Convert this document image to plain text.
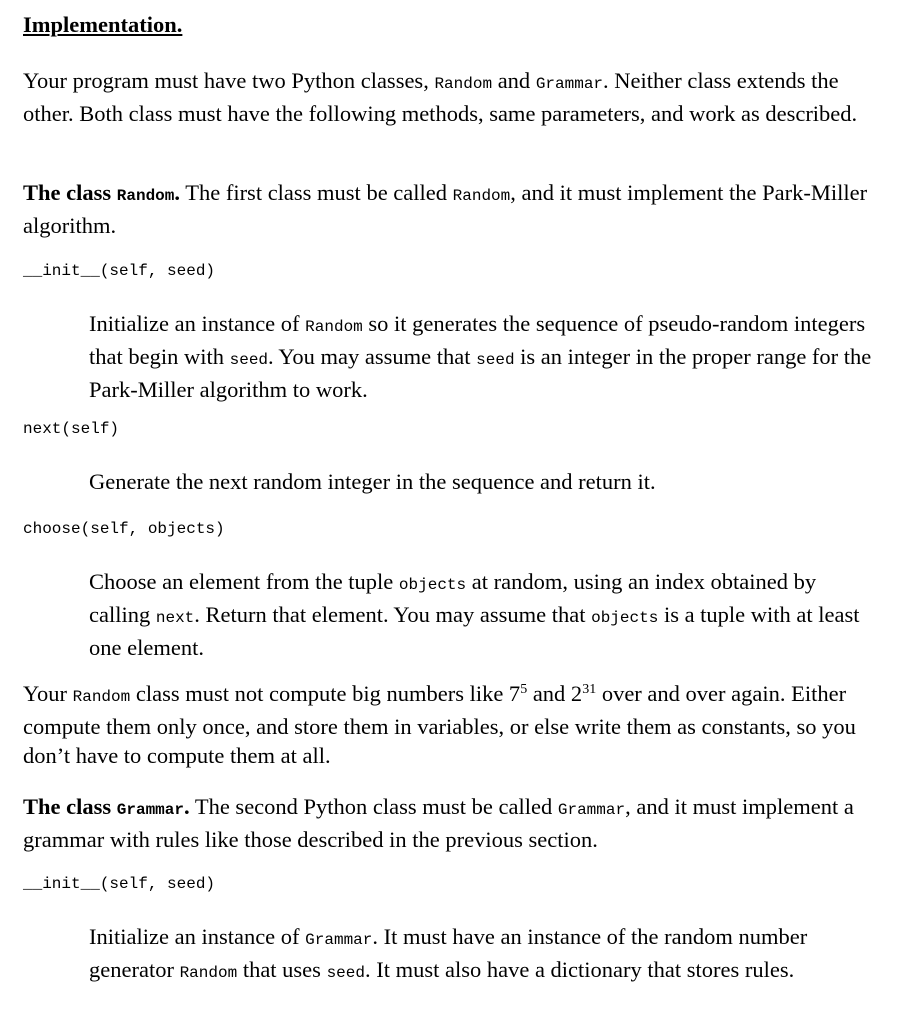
Implementation.

Your program must have two Python classes, Random and Grammar. Neither class extends the other. Both class must have the following methods, same parameters, and work as described.

The class Random. The first class must be called Random, and it must implement the Park-Miller algorithm.

__init__(self, seed)

Initialize an instance of Random so it generates the sequence of pseudo-random integers that begin with seed. You may assume that seed is an integer in the proper range for the Park-Miller algorithm to work.

next(self)

Generate the next random integer in the sequence and return it.

choose(self, objects)

Choose an element from the tuple objects at random, using an index obtained by calling next. Return that element. You may assume that objects is a tuple with at least one element.

Your Random class must not compute big numbers like $7^5$ and $2^{31}$ over and over again. Either compute them only once, and store them in variables, or else write them as constants, so you don’t have to compute them at all.

The class Grammar. The second Python class must be called Grammar, and it must implement a grammar with rules like those described in the previous section.

__init__(self, seed)

Initialize an instance of Grammar. It must have an instance of the random number generator Random that uses seed. It must also have a dictionary that stores rules.
